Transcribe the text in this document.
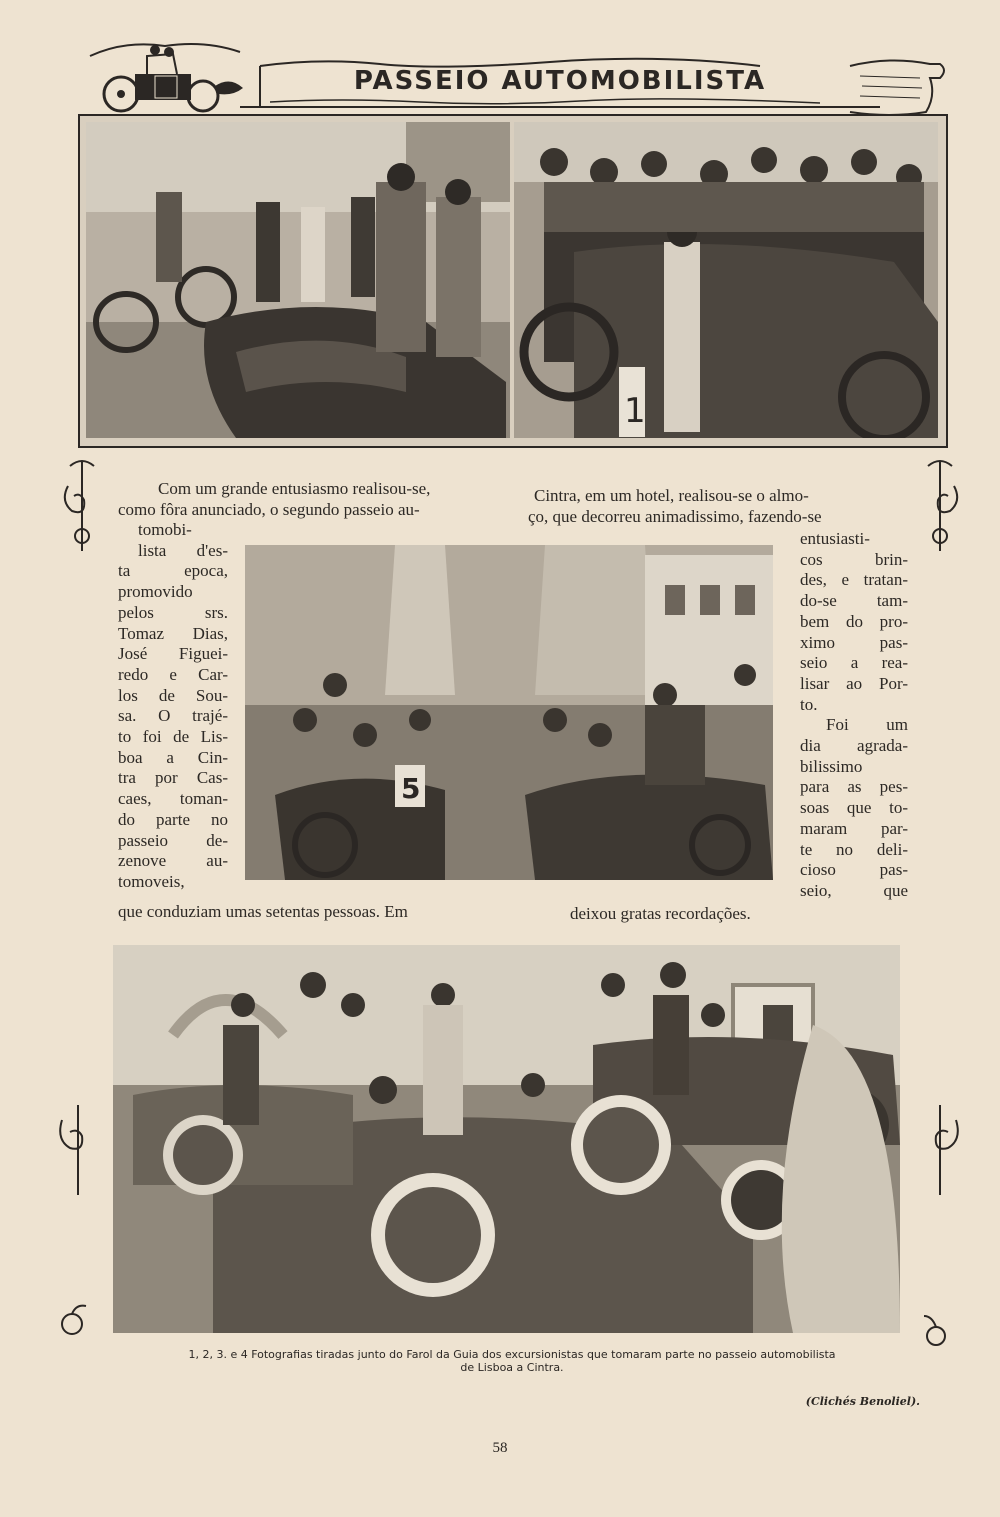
PASSEIO AUTOMOBILISTA
1
Com um grande entusiasmo realisou-se,
como fôra anunciado, o segundo passeio au-
tomobi-
lista d'es-
ta epoca,
promovido
pelos srs.
Tomaz Dias,
José Figuei-
redo e Car-
los de Sou-
sa. O trajé-
to foi de Lis-
boa a Cin-
tra por Cas-
caes, toman-
do parte no
passeio de-
zenove au-
tomoveis,
que conduziam umas setentas pessoas. Em
Cintra, em um hotel, realisou-se o almo-
ço, que decorreu animadissimo, fazendo-se
entusiasti-
cos brin-
des, e tratan-
do-se tam-
bem do pro-
ximo pas-
seio a rea-
lisar ao Por-
to.
Foi um
dia agrada-
bilissimo
para as pes-
soas que to-
maram par-
te no deli-
cioso pas-
seio, que
deixou gratas recordações.
5
1, 2, 3. e 4 Fotografias tiradas junto do Farol da Guia dos excursionistas que tomaram parte no passeio automobilista
de Lisboa a Cintra.
(Clichés Benoliel).
58
